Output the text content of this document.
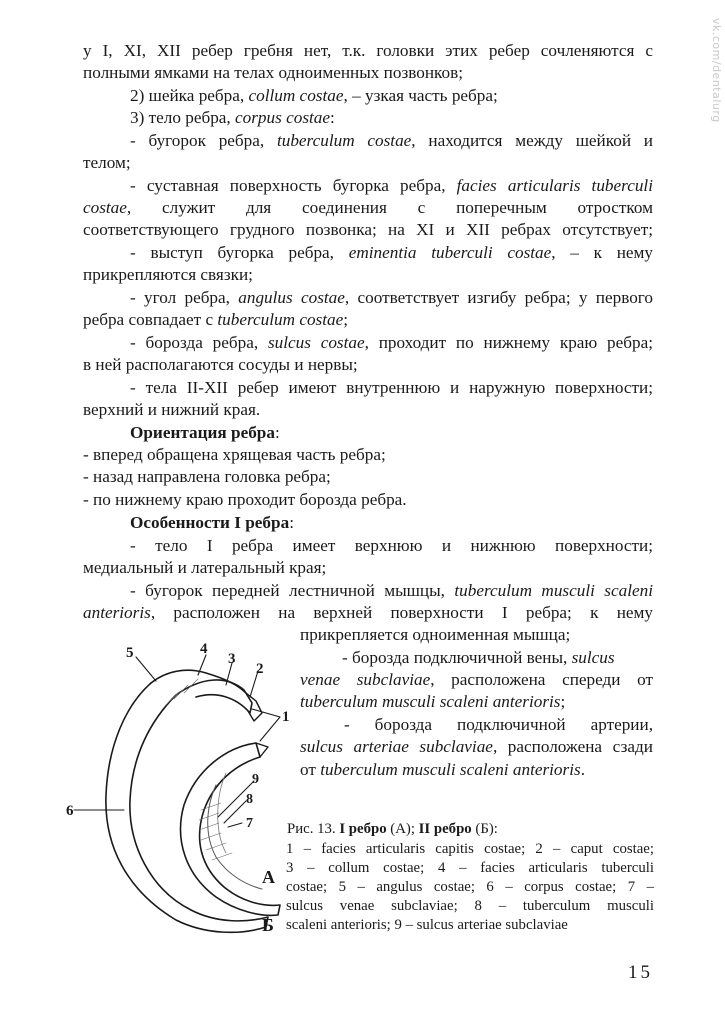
vk.com/dentalurg
у I, XI, XII ребер гребня нет, т.к. головки этих ребер сочленяются с
полными ямками на телах одноименных позвонков;
2) шейка ребра, collum costae, – узкая часть ребра;
3) тело ребра, corpus costae:
- бугорок ребра, tuberculum costae, находится между шейкой и
телом;
- суставная поверхность бугорка ребра, facies articularis tuberculi
costae, служит для соединения с поперечным отростком
соответствующего грудного позвонка; на XI и XII ребрах отсутствует;
- выступ бугорка ребра, eminentia tuberculi costae, – к нему
прикрепляются связки;
- угол ребра, angulus costae, соответствует изгибу ребра; у первого
ребра совпадает с tuberculum costae;
- борозда ребра, sulcus costae, проходит по нижнему краю ребра;
в ней располагаются сосуды и нервы;
- тела II-XII ребер имеют внутреннюю и наружную поверхности;
верхний и нижний края.
Ориентация ребра:
- вперед обращена хрящевая часть ребра;
- назад направлена головка ребра;
- по нижнему краю проходит борозда ребра.
Особенности I ребра:
- тело I ребра имеет верхнюю и нижнюю поверхности;
медиальный и латеральный края;
- бугорок передней лестничной мышцы, tuberculum musculi scaleni
anterioris, расположен на верхней поверхности I ребра; к нему
прикрепляется одноименная мышца;
- борозда подключичной вены, sulcus
venae subclaviae, расположена спереди от
tuberculum musculi scaleni anterioris;
- борозда подключичной артерии,
sulcus arteriae subclaviae, расположена сзади
от tuberculum musculi scaleni anterioris.
5	4
3
2
1
6
9
8
7
А
Б
Рис. 13. I ребро (А); II ребро (Б):
1 – facies articularis capitis costae; 2 – caput costae;
3 – collum costae; 4 – facies articularis tuberculi
costae; 5 – angulus costae; 6 – corpus costae; 7 –
sulcus venae subclaviae; 8 – tuberculum musculi
scaleni anterioris; 9 – sulcus arteriae subclaviae
15
